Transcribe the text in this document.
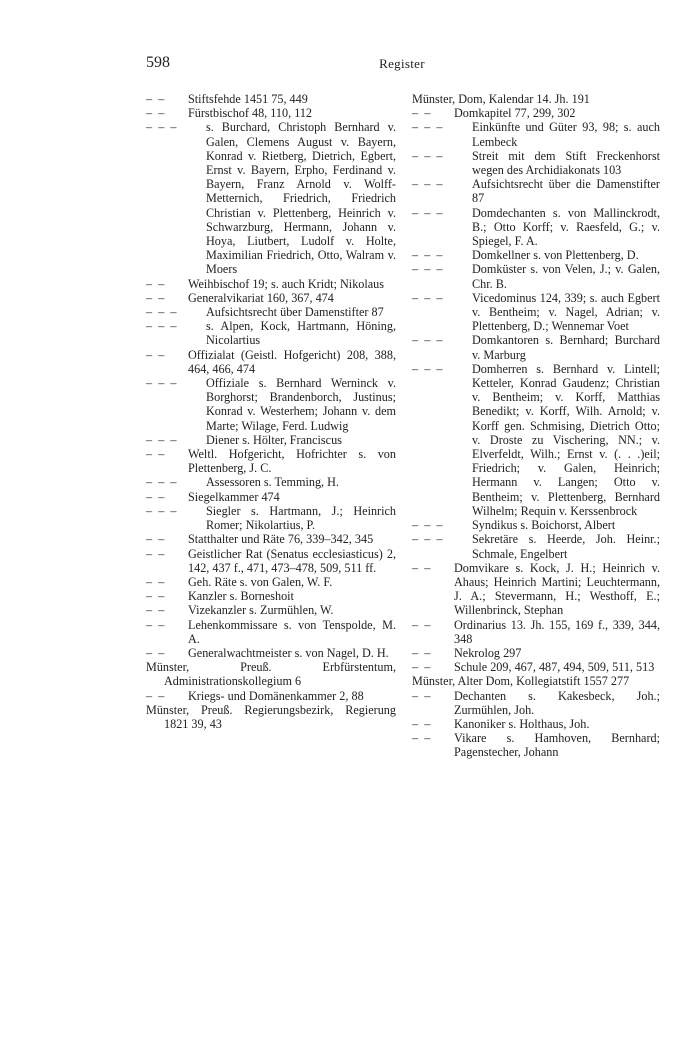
598	Register

–  –	Stiftsfehde 1451 75, 449

–  –	Fürstbischof 48, 110, 112

–  –  –	s. Burchard, Christoph Bernhard v. Galen, Clemens August v. Bayern, Konrad v. Rietberg, Dietrich, Egbert, Ernst v. Bayern, Erpho, Ferdinand v. Bayern, Franz Arnold v. Wolff-Metternich, Friedrich, Friedrich Christian v. Plettenberg, Heinrich v. Schwarzburg, Hermann, Johann v. Hoya, Liutbert, Ludolf v. Holte, Maximilian Friedrich, Otto, Walram v. Moers

–  –	Weihbischof 19; s. auch Kridt; Nikolaus

–  –	Generalvikariat 160, 367, 474

–  –  –	Aufsichtsrecht über Damenstifter 87

–  –  –	s. Alpen, Kock, Hartmann, Höning, Nicolartius

–  –	Offizialat (Geistl. Hofgericht) 208, 388, 464, 466, 474

–  –  –	Offiziale s. Bernhard Werninck v. Borghorst; Brandenborch, Justinus; Konrad v. Westerhem; Johann v. dem Marte; Wilage, Ferd. Ludwig

–  –  –	Diener s. Hölter, Franciscus

–  –	Weltl. Hofgericht, Hofrichter s. von Plettenberg, J. C.

–  –  –	Assessoren s. Temming, H.

–  –	Siegelkammer 474

–  –  –	Siegler s. Hartmann, J.; Heinrich Romer; Nikolartius, P.

–  –	Statthalter und Räte 76, 339–342, 345

–  –	Geistlicher Rat (Senatus ecclesiasticus) 2, 142, 437 f., 471, 473–478, 509, 511 ff.

–  –	Geh. Räte s. von Galen, W. F.

–  –	Kanzler s. Borneshoit

–  –	Vizekanzler s. Zurmühlen, W.

–  –	Lehenkommissare s. von Tenspolde, M. A.

–  –	Generalwachtmeister s. von Nagel, D. H.

Münster, Preuß. Erbfürstentum, Administrationskollegium 6

–  –	Kriegs- und Domänenkammer 2, 88

Münster, Preuß. Regierungsbezirk, Regierung 1821 39, 43

Münster, Dom, Kalendar 14. Jh. 191

–  –	Domkapitel 77, 299, 302

–  –  –	Einkünfte und Güter 93, 98; s. auch Lembeck

–  –  –	Streit mit dem Stift Freckenhorst wegen des Archidiakonats 103

–  –  –	Aufsichtsrecht über die Damenstifter 87

–  –  –	Domdechanten s. von Mallinckrodt, B.; Otto Korff; v. Raesfeld, G.; v. Spiegel, F. A.

–  –  –	Domkellner s. von Plettenberg, D.

–  –  –	Domküster s. von Velen, J.; v. Galen, Chr. B.

–  –  –	Vicedominus 124, 339; s. auch Egbert v. Bentheim; v. Nagel, Adrian; v. Plettenberg, D.; Wennemar Voet

–  –  –	Domkantoren s. Bernhard; Burchard v. Marburg

–  –  –	Domherren s. Bernhard v. Lintell; Ketteler, Konrad Gaudenz; Christian v. Bentheim; v. Korff, Matthias Benedikt; v. Korff, Wilh. Arnold; v. Korff gen. Schmising, Dietrich Otto; v. Droste zu Vischering, NN.; v. Elverfeldt, Wilh.; Ernst v. (. . .)eil; Friedrich; v. Galen, Heinrich; Hermann v. Langen; Otto v. Bentheim; v. Plettenberg, Bernhard Wilhelm; Requin v. Kerssenbrock

–  –  –	Syndikus s. Boichorst, Albert

–  –  –	Sekretäre s. Heerde, Joh. Heinr.; Schmale, Engelbert

–  –	Domvikare s. Kock, J. H.; Heinrich v. Ahaus; Heinrich Martini; Leuchtermann, J. A.; Stevermann, H.; Westhoff, E.; Willenbrinck, Stephan

–  –	Ordinarius 13. Jh. 155, 169 f., 339, 344, 348

–  –	Nekrolog 297

–  –	Schule 209, 467, 487, 494, 509, 511, 513

Münster, Alter Dom, Kollegiatstift 1557 277

–  –	Dechanten s. Kakesbeck, Joh.; Zurmühlen, Joh.

–  –	Kanoniker s. Holthaus, Joh.

–  –	Vikare s. Hamhoven, Bernhard; Pagenstecher, Johann
